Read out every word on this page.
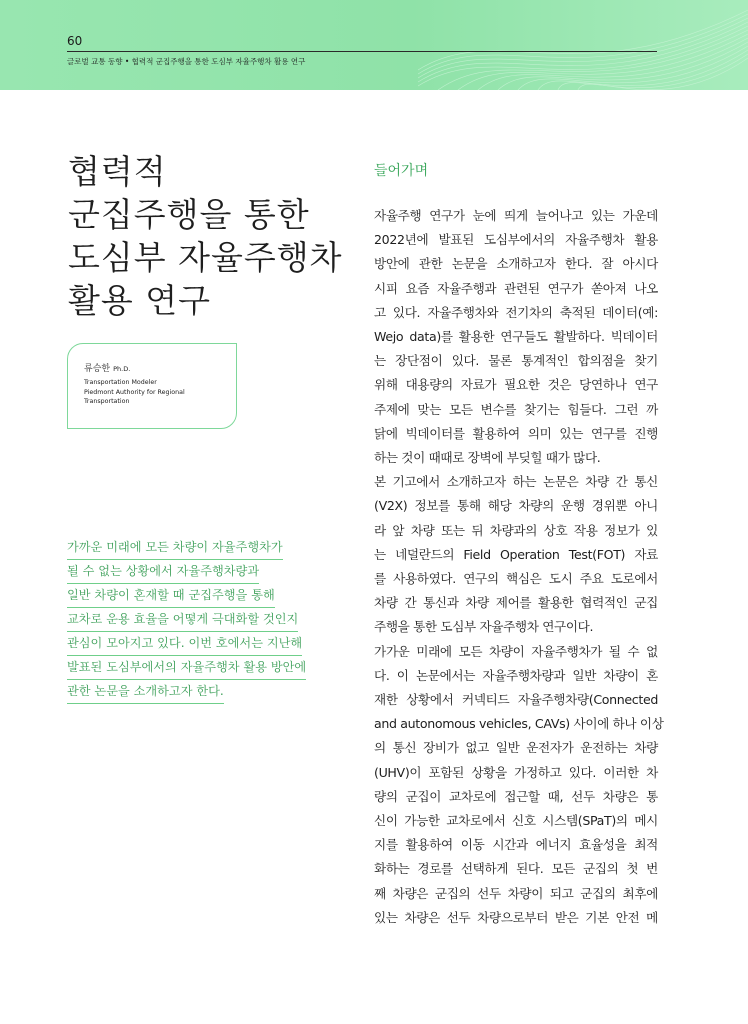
60
글로벌 교통 동향 • 협력적 군집주행을 통한 도심부 자율주행차 활용 연구
협력적
군집주행을 통한
도심부 자율주행차
활용 연구
류승한 Ph.D.
Transportation Modeler
Piedmont Authority for Regional
Transportation
가까운 미래에 모든 차량이 자율주행차가
될 수 없는 상황에서 자율주행차량과
일반 차량이 혼재할 때 군집주행을 통해
교차로 운용 효율을 어떻게 극대화할 것인지
관심이 모아지고 있다. 이번 호에서는 지난해
발표된 도심부에서의 자율주행차 활용 방안에
관한 논문을 소개하고자 한다.
들어가며
자율주행 연구가 눈에 띄게 늘어나고 있는 가운데
2022년에 발표된 도심부에서의 자율주행차 활용
방안에 관한 논문을 소개하고자 한다. 잘 아시다
시피 요즘 자율주행과 관련된 연구가 쏟아져 나오
고 있다. 자율주행차와 전기차의 축적된 데이터(예:
Wejo data)를 활용한 연구들도 활발하다. 빅데이터
는 장단점이 있다. 물론 통계적인 합의점을 찾기
위해 대용량의 자료가 필요한 것은 당연하나 연구
주제에 맞는 모든 변수를 찾기는 힘들다. 그런 까
닭에 빅데이터를 활용하여 의미 있는 연구를 진행
하는 것이 때때로 장벽에 부딪힐 때가 많다.
본 기고에서 소개하고자 하는 논문은 차량 간 통신
(V2X) 정보를 통해 해당 차량의 운행 경위뿐 아니
라 앞 차량 또는 뒤 차량과의 상호 작용 정보가 있
는 네덜란드의 Field Operation Test(FOT) 자료
를 사용하였다. 연구의 핵심은 도시 주요 도로에서
차량 간 통신과 차량 제어를 활용한 협력적인 군집
주행을 통한 도심부 자율주행차 연구이다.
가가운 미래에 모든 차량이 자율주행차가 될 수 없
다. 이 논문에서는 자율주행차량과 일반 차량이 혼
재한 상황에서 커넥티드 자율주행차량(Connected
and autonomous vehicles, CAVs) 사이에 하나 이상
의 통신 장비가 없고 일반 운전자가 운전하는 차량
(UHV)이 포함된 상황을 가정하고 있다. 이러한 차
량의 군집이 교차로에 접근할 때, 선두 차량은 통
신이 가능한 교차로에서 신호 시스템(SPaT)의 메시
지를 활용하여 이동 시간과 에너지 효율성을 최적
화하는 경로를 선택하게 된다. 모든 군집의 첫 번
째 차량은 군집의 선두 차량이 되고 군집의 최후에
있는 차량은 선두 차량으로부터 받은 기본 안전 메
